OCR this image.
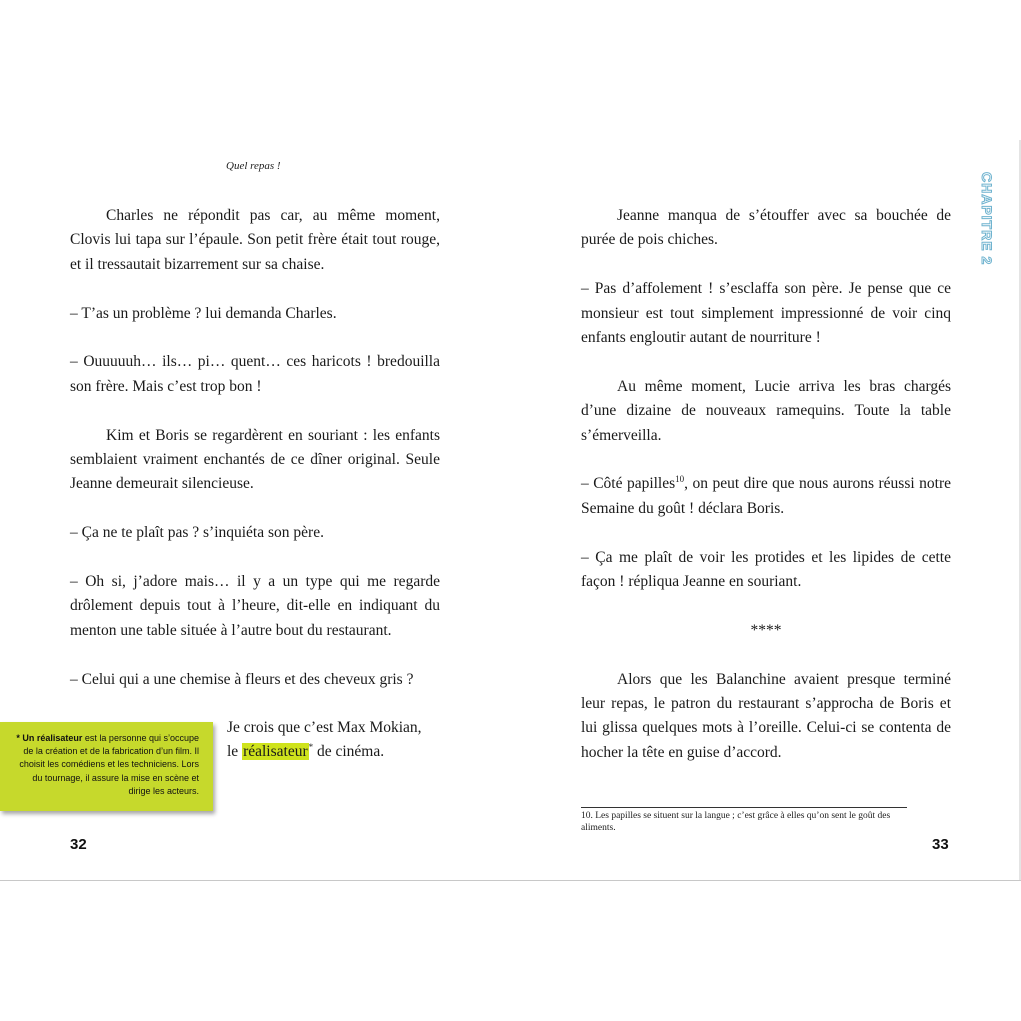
Quel repas !

Charles ne répondit pas car, au même moment, Clovis lui tapa sur l’épaule. Son petit frère était tout rouge, et il tressautait bizarrement sur sa chaise.

– T’as un problème ? lui demanda Charles.

– Ouuuuuh… ils… pi… quent… ces haricots ! bredouilla son frère. Mais c’est trop bon !

Kim et Boris se regardèrent en souriant : les enfants semblaient vraiment enchantés de ce dîner original. Seule Jeanne demeurait silencieuse.

– Ça ne te plaît pas ? s’inquiéta son père.

– Oh si, j’adore mais… il y a un type qui me regarde drôlement depuis tout à l’heure, dit-elle en indiquant du menton une table située à l’autre bout du restaurant.

– Celui qui a une chemise à fleurs et des cheveux gris ?

Je crois que c’est Max Mokian,

le réalisateur* de cinéma.

* Un réalisateur est la personne qui s’occupe de la création et de la fabrication d’un film. Il choisit les comédiens et les techniciens. Lors du tournage, il assure la mise en scène et dirige les acteurs.
32

Jeanne manqua de s’étouffer avec sa bouchée de purée de pois chiches.

– Pas d’affolement ! s’esclaffa son père. Je pense que ce monsieur est tout simplement impressionné de voir cinq enfants engloutir autant de nourriture !

Au même moment, Lucie arriva les bras chargés d’une dizaine de nouveaux ramequins. Toute la table s’émerveilla.

– Côté papilles$^{10}$, on peut dire que nous aurons réussi notre Semaine du goût ! déclara Boris.

– Ça me plaît de voir les protides et les lipides de cette façon ! répliqua Jeanne en souriant.

****

Alors que les Balanchine avaient presque terminé leur repas, le patron du restaurant s’approcha de Boris et lui glissa quelques mots à l’oreille. Celui-ci se contenta de hocher la tête en guise d’accord.

10. Les papilles se situent sur la langue ; c’est grâce à elles qu’on sent le goût des aliments.
33
CHAPITRE 2
